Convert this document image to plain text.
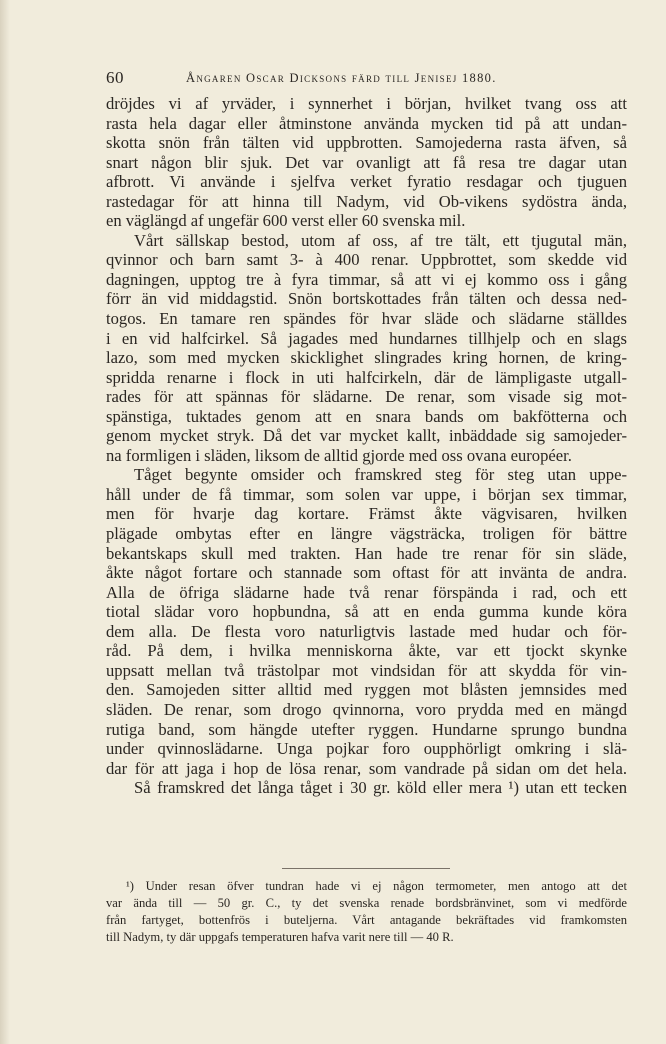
60	Ångaren Oscar Dicksons färd till Jenisej 1880.
dröjdes vi af yrväder, i synnerhet i början, hvilket tvang oss att
rasta hela dagar eller åtminstone använda mycken tid på att undan-
skotta snön från tälten vid uppbrotten. Samojederna rasta äfven, så
snart någon blir sjuk. Det var ovanligt att få resa tre dagar utan
afbrott. Vi använde i sjelfva verket fyratio resdagar och tjuguen
rastedagar för att hinna till Nadym, vid Ob-vikens sydöstra ända,
en väglängd af ungefär 600 verst eller 60 svenska mil.
Vårt sällskap bestod, utom af oss, af tre tält, ett tjugutal män,
qvinnor och barn samt 3- à 400 renar. Uppbrottet, som skedde vid
dagningen, upptog tre à fyra timmar, så att vi ej kommo oss i gång
förr än vid middagstid. Snön bortskottades från tälten och dessa ned-
togos. En tamare ren spändes för hvar släde och slädarne ställdes
i en vid halfcirkel. Så jagades med hundarnes tillhjelp och en slags
lazo, som med mycken skicklighet slingrades kring hornen, de kring-
spridda renarne i flock in uti halfcirkeln, där de lämpligaste utgall-
rades för att spännas för slädarne. De renar, som visade sig mot-
spänstiga, tuktades genom att en snara bands om bakfötterna och
genom mycket stryk. Då det var mycket kallt, inbäddade sig samojeder-
na formligen i släden, liksom de alltid gjorde med oss ovana européer.
Tåget begynte omsider och framskred steg för steg utan uppe-
håll under de få timmar, som solen var uppe, i början sex timmar,
men för hvarje dag kortare. Främst åkte vägvisaren, hvilken
plägade ombytas efter en längre vägsträcka, troligen för bättre
bekantskaps skull med trakten. Han hade tre renar för sin släde,
åkte något fortare och stannade som oftast för att invänta de andra.
Alla de öfriga slädarne hade två renar förspända i rad, och ett
tiotal slädar voro hopbundna, så att en enda gumma kunde köra
dem alla. De flesta voro naturligtvis lastade med hudar och för-
råd. På dem, i hvilka menniskorna åkte, var ett tjockt skynke
uppsatt mellan två trästolpar mot vindsidan för att skydda för vin-
den. Samojeden sitter alltid med ryggen mot blåsten jemnsides med
släden. De renar, som drogo qvinnorna, voro prydda med en mängd
rutiga band, som hängde utefter ryggen. Hundarne sprungo bundna
under qvinnoslädarne. Unga pojkar foro oupphörligt omkring i slä-
dar för att jaga i hop de lösa renar, som vandrade på sidan om det hela.
Så framskred det långa tåget i 30 gr. köld eller mera ¹) utan ett tecken
¹) Under resan öfver tundran hade vi ej någon termometer, men antogo att det
var ända till — 50 gr. C., ty det svenska renade bordsbränvinet, som vi medförde
från fartyget, bottenfrös i buteljerna. Vårt antagande bekräftades vid framkomsten
till Nadym, ty där uppgafs temperaturen hafva varit nere till — 40 R.
